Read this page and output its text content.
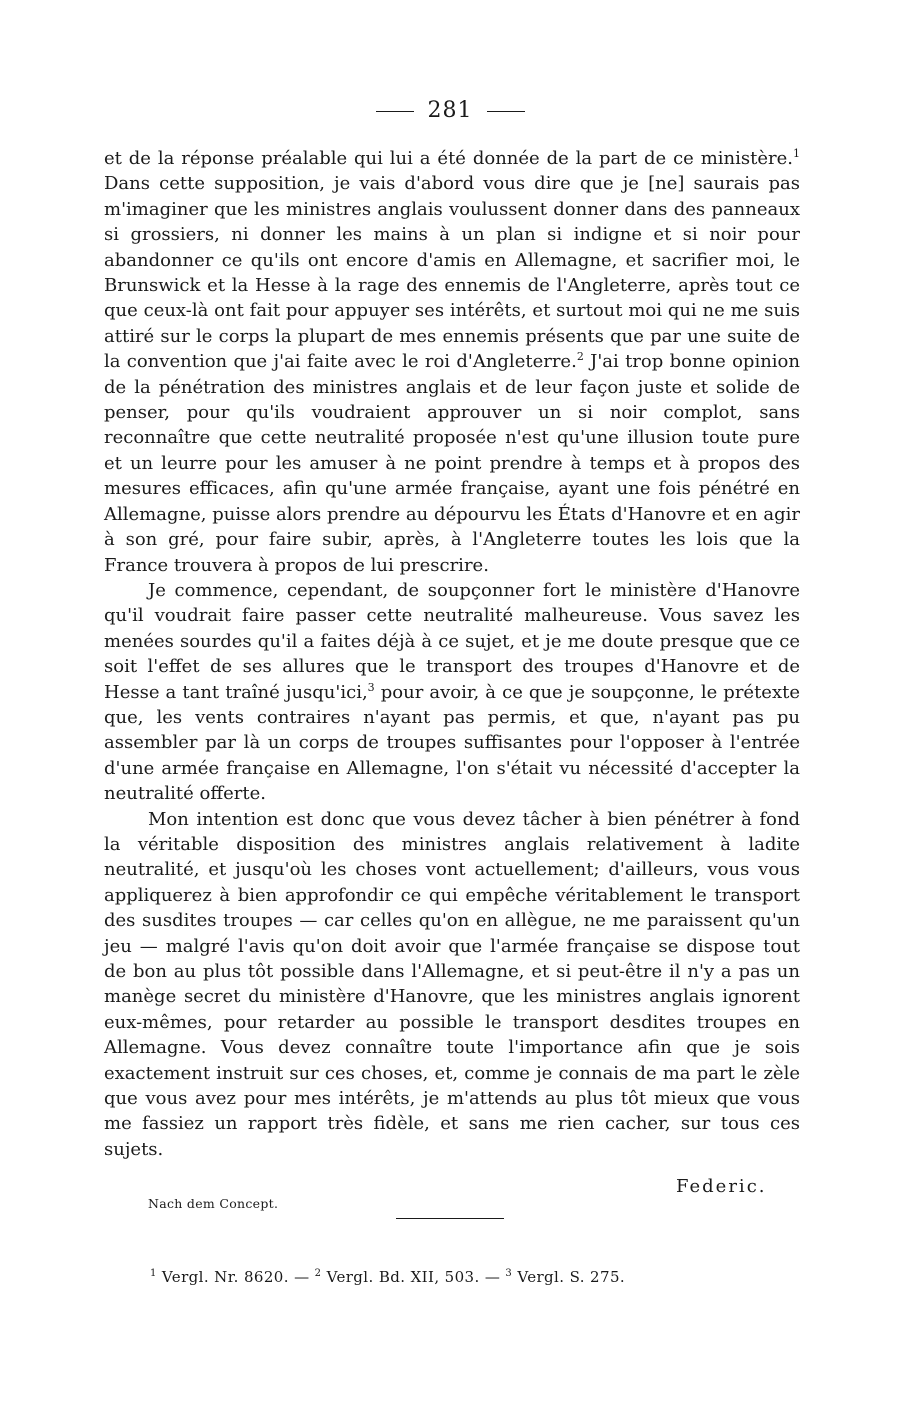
281

et de la réponse préalable qui lui a été donnée de la part de ce ministère.$^1$ Dans cette supposition, je vais d'abord vous dire que je [ne] saurais pas m'imaginer que les ministres anglais voulussent donner dans des panneaux si grossiers, ni donner les mains à un plan si indigne et si noir pour abandonner ce qu'ils ont encore d'amis en Allemagne, et sacrifier moi, le Brunswick et la Hesse à la rage des ennemis de l'Angleterre, après tout ce que ceux-là ont fait pour appuyer ses intérêts, et surtout moi qui ne me suis attiré sur le corps la plupart de mes ennemis présents que par une suite de la convention que j'ai faite avec le roi d'Angleterre.$^2$ J'ai trop bonne opinion de la pénétration des ministres anglais et de leur façon juste et solide de penser, pour qu'ils voudraient approuver un si noir complot, sans reconnaître que cette neutralité proposée n'est qu'une illusion toute pure et un leurre pour les amuser à ne point prendre à temps et à propos des mesures efficaces, afin qu'une armée française, ayant une fois pénétré en Allemagne, puisse alors prendre au dépourvu les États d'Hanovre et en agir à son gré, pour faire subir, après, à l'Angleterre toutes les lois que la France trouvera à propos de lui prescrire.

Je commence, cependant, de soupçonner fort le ministère d'Hanovre qu'il voudrait faire passer cette neutralité malheureuse. Vous savez les menées sourdes qu'il a faites déjà à ce sujet, et je me doute presque que ce soit l'effet de ses allures que le transport des troupes d'Hanovre et de Hesse a tant traîné jusqu'ici,$^3$ pour avoir, à ce que je soupçonne, le prétexte que, les vents contraires n'ayant pas permis, et que, n'ayant pas pu assembler par là un corps de troupes suffisantes pour l'opposer à l'entrée d'une armée française en Allemagne, l'on s'était vu nécessité d'accepter la neutralité offerte.

Mon intention est donc que vous devez tâcher à bien pénétrer à fond la véritable disposition des ministres anglais relativement à ladite neutralité, et jusqu'où les choses vont actuellement; d'ailleurs, vous vous appliquerez à bien approfondir ce qui empêche véritablement le transport des susdites troupes — car celles qu'on en allègue, ne me paraissent qu'un jeu — malgré l'avis qu'on doit avoir que l'armée française se dispose tout de bon au plus tôt possible dans l'Allemagne, et si peut-être il n'y a pas un manège secret du ministère d'Hanovre, que les ministres anglais ignorent eux-mêmes, pour retarder au possible le transport desdites troupes en Allemagne. Vous devez connaître toute l'importance afin que je sois exactement instruit sur ces choses, et, comme je connais de ma part le zèle que vous avez pour mes intérêts, je m'attends au plus tôt mieux que vous me fassiez un rapport très fidèle, et sans me rien cacher, sur tous ces sujets.

Federic.
Nach dem Concept.
$^1$ Vergl. Nr. 8620. — $^2$ Vergl. Bd. XII, 503. — $^3$ Vergl. S. 275.
